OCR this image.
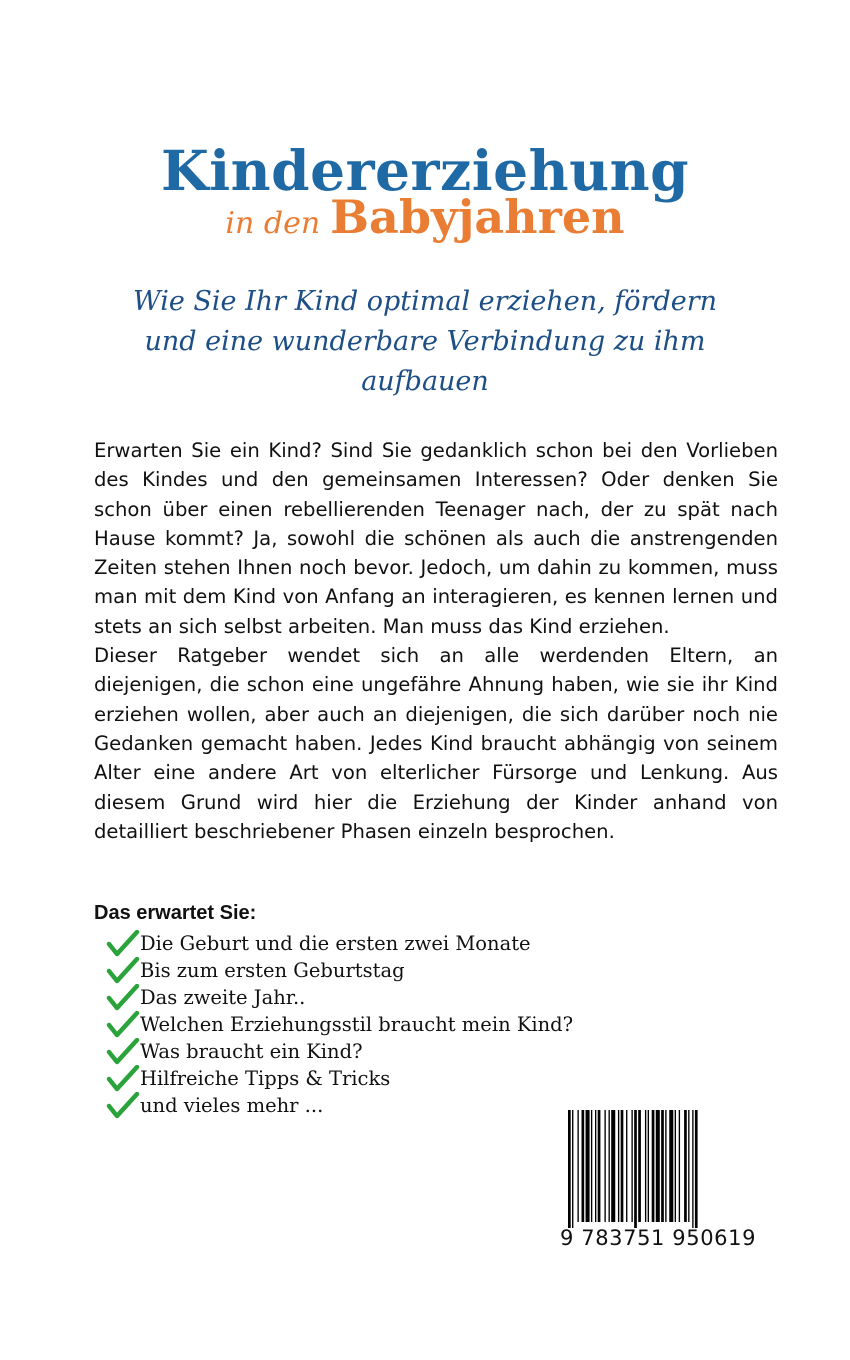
Kindererziehung
in den Babyjahren
Wie Sie Ihr Kind optimal erziehen, fördern
und eine wunderbare Verbindung zu ihm
aufbauen

Erwarten Sie ein Kind? Sind Sie gedanklich schon bei den Vorlieben des Kindes und den gemeinsamen Interessen? Oder denken Sie schon über einen rebellierenden Teenager nach, der zu spät nach Hause kommt? Ja, sowohl die schönen als auch die anstrengenden Zeiten stehen Ihnen noch bevor. Jedoch, um dahin zu kommen, muss man mit dem Kind von Anfang an interagieren, es kennen lernen und stets an sich selbst arbeiten. Man muss das Kind erziehen.

Dieser Ratgeber wendet sich an alle werdenden Eltern, an diejenigen, die schon eine ungefähre Ahnung haben, wie sie ihr Kind erziehen wollen, aber auch an diejenigen, die sich darüber noch nie Gedanken gemacht haben. Jedes Kind braucht abhängig von seinem Alter eine andere Art von elterlicher Fürsorge und Lenkung. Aus diesem Grund wird hier die Erziehung der Kinder anhand von detailliert beschriebener Phasen einzeln besprochen.

Das erwartet Sie:
Die Geburt und die ersten zwei Monate
Bis zum ersten Geburtstag
Das zweite Jahr..
Welchen Erziehungsstil braucht mein Kind?
Was braucht ein Kind?
Hilfreiche Tipps & Tricks
und vieles mehr ...
9 783751 950619
